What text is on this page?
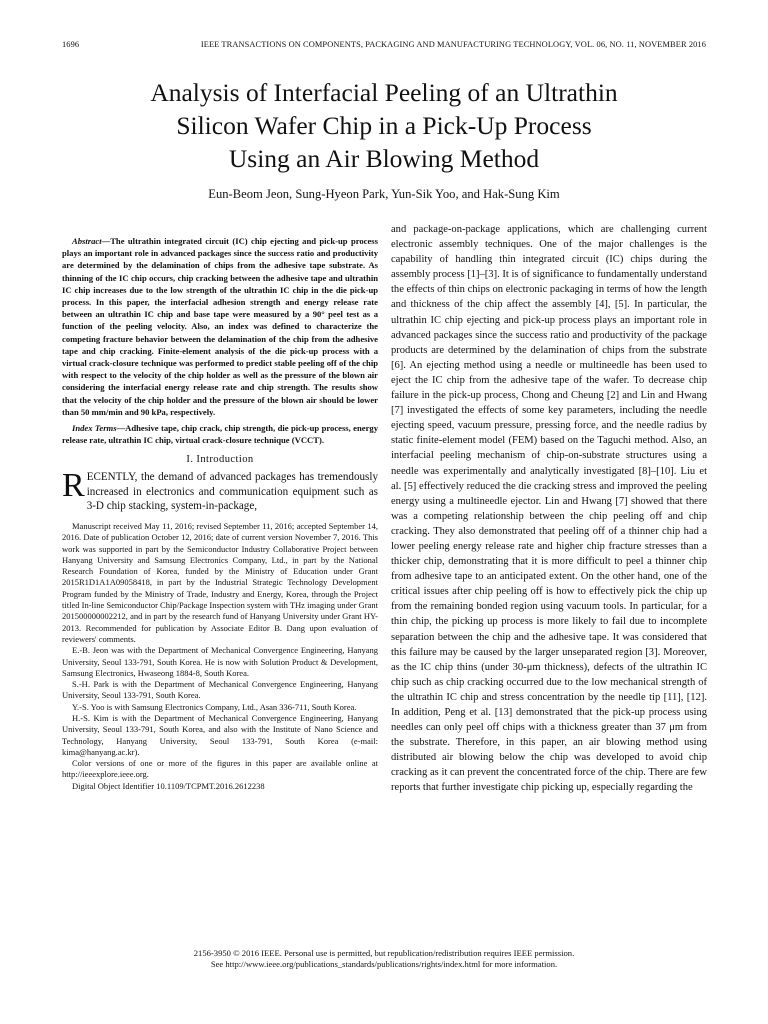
1696	IEEE TRANSACTIONS ON COMPONENTS, PACKAGING AND MANUFACTURING TECHNOLOGY, VOL. 06, NO. 11, NOVEMBER 2016
Analysis of Interfacial Peeling of an Ultrathin
Silicon Wafer Chip in a Pick-Up Process
Using an Air Blowing Method
Eun-Beom Jeon, Sung-Hyeon Park, Yun-Sik Yoo, and Hak-Sung Kim

Abstract—The ultrathin integrated circuit (IC) chip ejecting and pick-up process plays an important role in advanced packages since the success ratio and productivity are determined by the delamination of chips from the adhesive tape substrate. As thinning of the IC chip occurs, chip cracking between the adhesive tape and ultrathin IC chip increases due to the low strength of the ultrathin IC chip in the die pick-up process. In this paper, the interfacial adhesion strength and energy release rate between an ultrathin IC chip and base tape were measured by a 90° peel test as a function of the peeling velocity. Also, an index was defined to characterize the competing fracture behavior between the delamination of the chip from the adhesive tape and chip cracking. Finite-element analysis of the die pick-up process with a virtual crack-closure technique was performed to predict stable peeling off of the chip with respect to the velocity of the chip holder as well as the pressure of the blown air considering the interfacial energy release rate and chip strength. The results show that the velocity of the chip holder and the pressure of the blown air should be lower than 50 mm/min and 90 kPa, respectively.

Index Terms—Adhesive tape, chip crack, chip strength, die pick-up process, energy release rate, ultrathin IC chip, virtual crack-closure technique (VCCT).

I. Introduction

RECENTLY, the demand of advanced packages has tremendously increased in electronics and communication equipment such as 3-D chip stacking, system-in-package,

Manuscript received May 11, 2016; revised September 11, 2016; accepted September 14, 2016. Date of publication October 12, 2016; date of current version November 7, 2016. This work was supported in part by the Semiconductor Industry Collaborative Project between Hanyang University and Samsung Electronics Company, Ltd., in part by the National Research Foundation of Korea, funded by the Ministry of Education under Grant 2015R1D1A1A09058418, in part by the Industrial Strategic Technology Development Program funded by the Ministry of Trade, Industry and Energy, Korea, through the Project titled In-line Semiconductor Chip/Package Inspection system with THz imaging under Grant 201500000002212, and in part by the research fund of Hanyang University under Grant HY-2013. Recommended for publication by Associate Editor B. Dang upon evaluation of reviewers' comments.

E.-B. Jeon was with the Department of Mechanical Convergence Engineering, Hanyang University, Seoul 133-791, South Korea. He is now with Solution Product & Development, Samsung Electronics, Hwaseong 1884-8, South Korea.

S.-H. Park is with the Department of Mechanical Convergence Engineering, Hanyang University, Seoul 133-791, South Korea.

Y.-S. Yoo is with Samsung Electronics Company, Ltd., Asan 336-711, South Korea.

H.-S. Kim is with the Department of Mechanical Convergence Engineering, Hanyang University, Seoul 133-791, South Korea, and also with the Institute of Nano Science and Technology, Hanyang University, Seoul 133-791, South Korea (e-mail: kima@hanyang.ac.kr).

Color versions of one or more of the figures in this paper are available online at http://ieeexplore.ieee.org.

Digital Object Identifier 10.1109/TCPMT.2016.2612238

and package-on-package applications, which are challenging current electronic assembly techniques. One of the major challenges is the capability of handling thin integrated circuit (IC) chips during the assembly process [1]–[3]. It is of significance to fundamentally understand the effects of thin chips on electronic packaging in terms of how the length and thickness of the chip affect the assembly [4], [5]. In particular, the ultrathin IC chip ejecting and pick-up process plays an important role in advanced packages since the success ratio and productivity of the package products are determined by the delamination of chips from the substrate [6]. An ejecting method using a needle or multineedle has been used to eject the IC chip from the adhesive tape of the wafer. To decrease chip failure in the pick-up process, Chong and Cheung [2] and Lin and Hwang [7] investigated the effects of some key parameters, including the needle ejecting speed, vacuum pressure, pressing force, and the needle radius by static finite-element model (FEM) based on the Taguchi method. Also, an interfacial peeling mechanism of chip-on-substrate structures using a needle was experimentally and analytically investigated [8]–[10]. Liu et al. [5] effectively reduced the die cracking stress and improved the peeling energy using a multineedle ejector. Lin and Hwang [7] showed that there was a competing relationship between the chip peeling off and chip cracking. They also demonstrated that peeling off of a thinner chip had a lower peeling energy release rate and higher chip fracture stresses than a thicker chip, demonstrating that it is more difficult to peel a thinner chip from adhesive tape to an anticipated extent. On the other hand, one of the critical issues after chip peeling off is how to effectively pick the chip up from the remaining bonded region using vacuum tools. In particular, for a thin chip, the picking up process is more likely to fail due to incomplete separation between the chip and the adhesive tape. It was considered that this failure may be caused by the larger unseparated region [3]. Moreover, as the IC chip thins (under 30-μm thickness), defects of the ultrathin IC chip such as chip cracking occurred due to the low mechanical strength of the ultrathin IC chip and stress concentration by the needle tip [11], [12]. In addition, Peng et al. [13] demonstrated that the pick-up process using needles can only peel off chips with a thickness greater than 37 μm from the substrate. Therefore, in this paper, an air blowing method using distributed air blowing below the chip was developed to avoid chip cracking as it can prevent the concentrated force of the chip. There are few reports that further investigate chip picking up, especially regarding the

2156-3950 © 2016 IEEE. Personal use is permitted, but republication/redistribution requires IEEE permission.
See http://www.ieee.org/publications_standards/publications/rights/index.html for more information.
